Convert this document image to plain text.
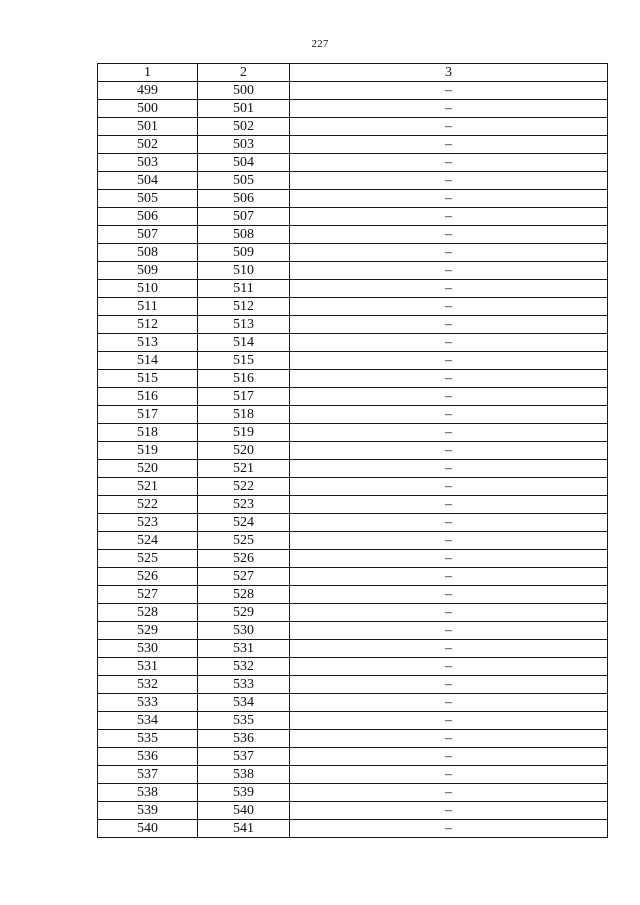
227
1	2	3
499	500	–
500	501	–
501	502	–
502	503	–
503	504	–
504	505	–
505	506	–
506	507	–
507	508	–
508	509	–
509	510	–
510	511	–
511	512	–
512	513	–
513	514	–
514	515	–
515	516	–
516	517	–
517	518	–
518	519	–
519	520	–
520	521	–
521	522	–
522	523	–
523	524	–
524	525	–
525	526	–
526	527	–
527	528	–
528	529	–
529	530	–
530	531	–
531	532	–
532	533	–
533	534	–
534	535	–
535	536	–
536	537	–
537	538	–
538	539	–
539	540	–
540	541	–
